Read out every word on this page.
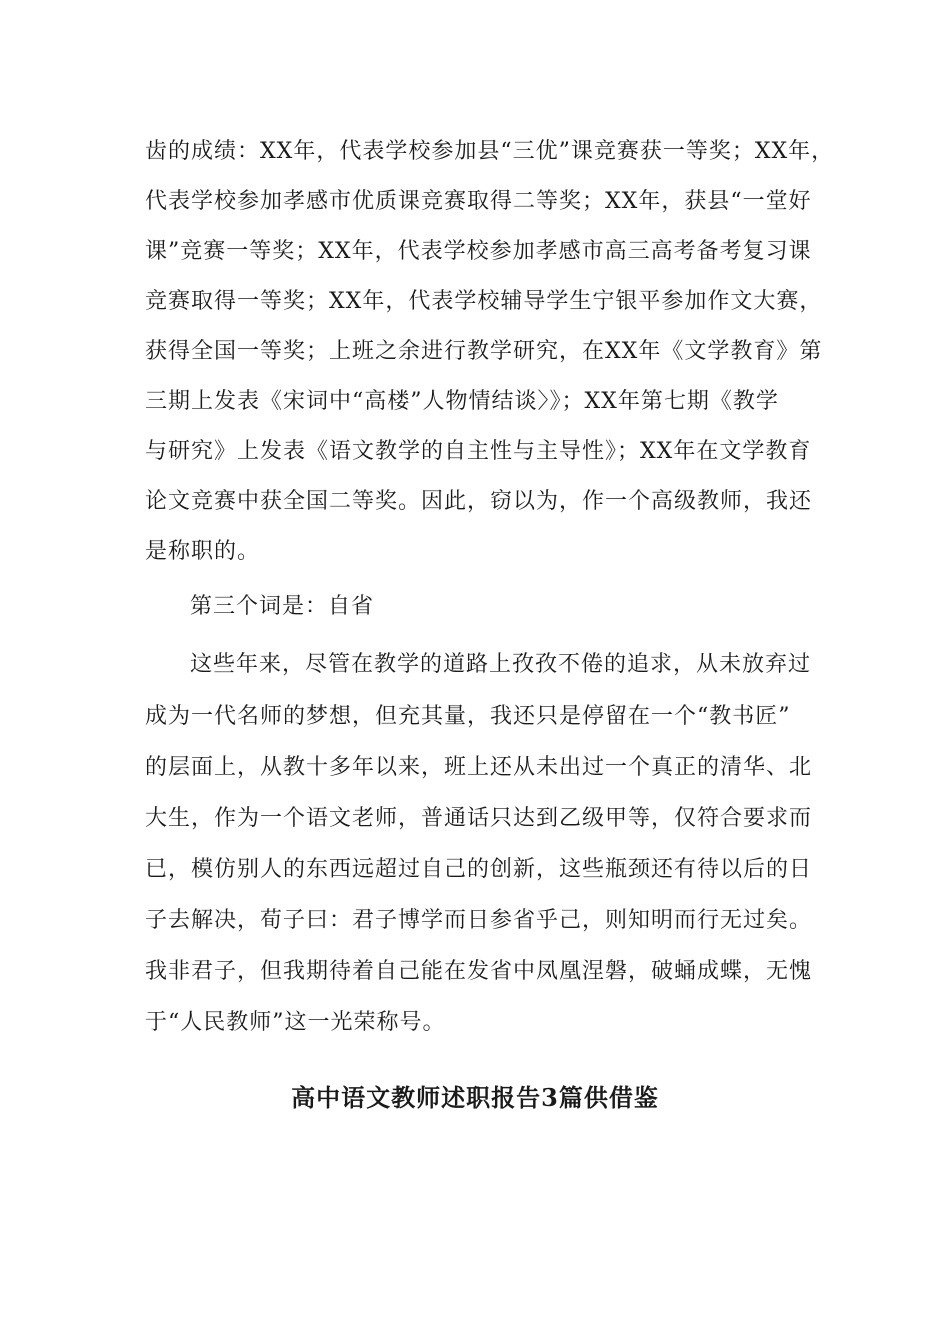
齿的成绩：XX年，代表学校参加县“三优”课竞赛获一等奖；XX年，
代表学校参加孝感市优质课竞赛取得二等奖；XX年，获县“一堂好
课”竞赛一等奖；XX年，代表学校参加孝感市高三高考备考复习课
竞赛取得一等奖；XX年，代表学校辅导学生宁银平参加作文大赛，
获得全国一等奖；上班之余进行教学研究，在XX年《文学教育》第
三期上发表《宋词中“高楼”人物情结谈〉》；XX年第七期《教学
与研究》上发表《语文教学的自主性与主导性》；XX年在文学教育
论文竞赛中获全国二等奖。因此，窃以为，作一个高级教师，我还
是称职的。
第三个词是：自省
这些年来，尽管在教学的道路上孜孜不倦的追求，从未放弃过
成为一代名师的梦想，但充其量，我还只是停留在一个“教书匠”
的层面上，从教十多年以来，班上还从未出过一个真正的清华、北
大生，作为一个语文老师，普通话只达到乙级甲等，仅符合要求而
已，模仿别人的东西远超过自己的创新，这些瓶颈还有待以后的日
子去解决，荀子曰：君子博学而日参省乎己，则知明而行无过矣。
我非君子，但我期待着自己能在发省中凤凰涅磐，破蛹成蝶，无愧
于“人民教师”这一光荣称号。
高中语文教师述职报告3篇供借鉴
